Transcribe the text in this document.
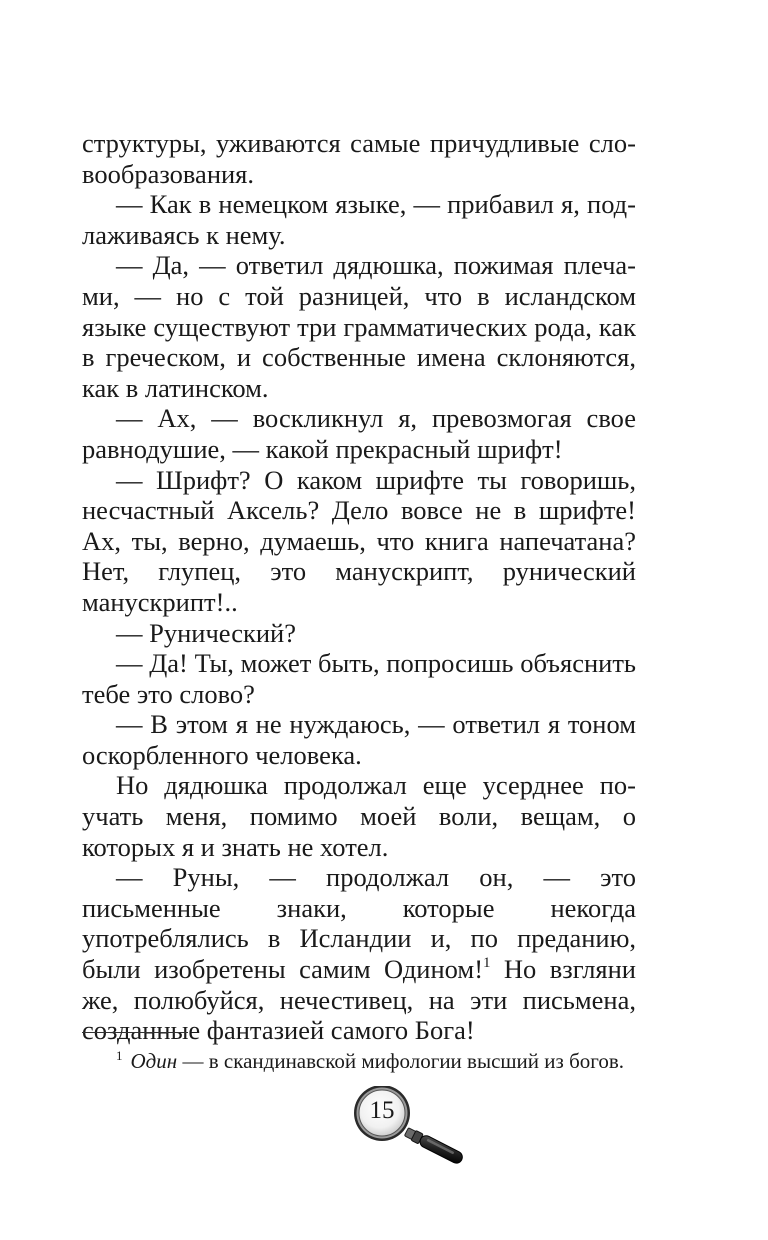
структуры, уживаются самые причудливые словообразования.

— Как в немецком языке, — прибавил я, подлаживаясь к нему.

— Да, — ответил дядюшка, пожимая плечами, — но с той разницей, что в исландском языке существуют три грамматических рода, как в греческом, и собственные имена склоняются, как в латинском.

— Ах, — воскликнул я, превозмогая свое равнодушие, — какой прекрасный шрифт!

— Шрифт? О каком шрифте ты говоришь, несчастный Аксель? Дело вовсе не в шрифте! Ах, ты, верно, думаешь, что книга напечатана? Нет, глупец, это манускрипт, рунический манускрипт!..

— Рунический?

— Да! Ты, может быть, попросишь объяснить тебе это слово?

— В этом я не нуждаюсь, — ответил я тоном оскорбленного человека.

Но дядюшка продолжал еще усерднее поучать меня, помимо моей воли, вещам, о которых я и знать не хотел.

— Руны, — продолжал он, — это письменные знаки, которые некогда употреблялись в Исландии и, по преданию, были изобретены самим Одином!$^1$ Но взгляни же, полюбуйся, нечестивец, на эти письмена, созданные фантазией самого Бога!

$^1$ Один — в скандинавской мифологии высший из богов.

15
